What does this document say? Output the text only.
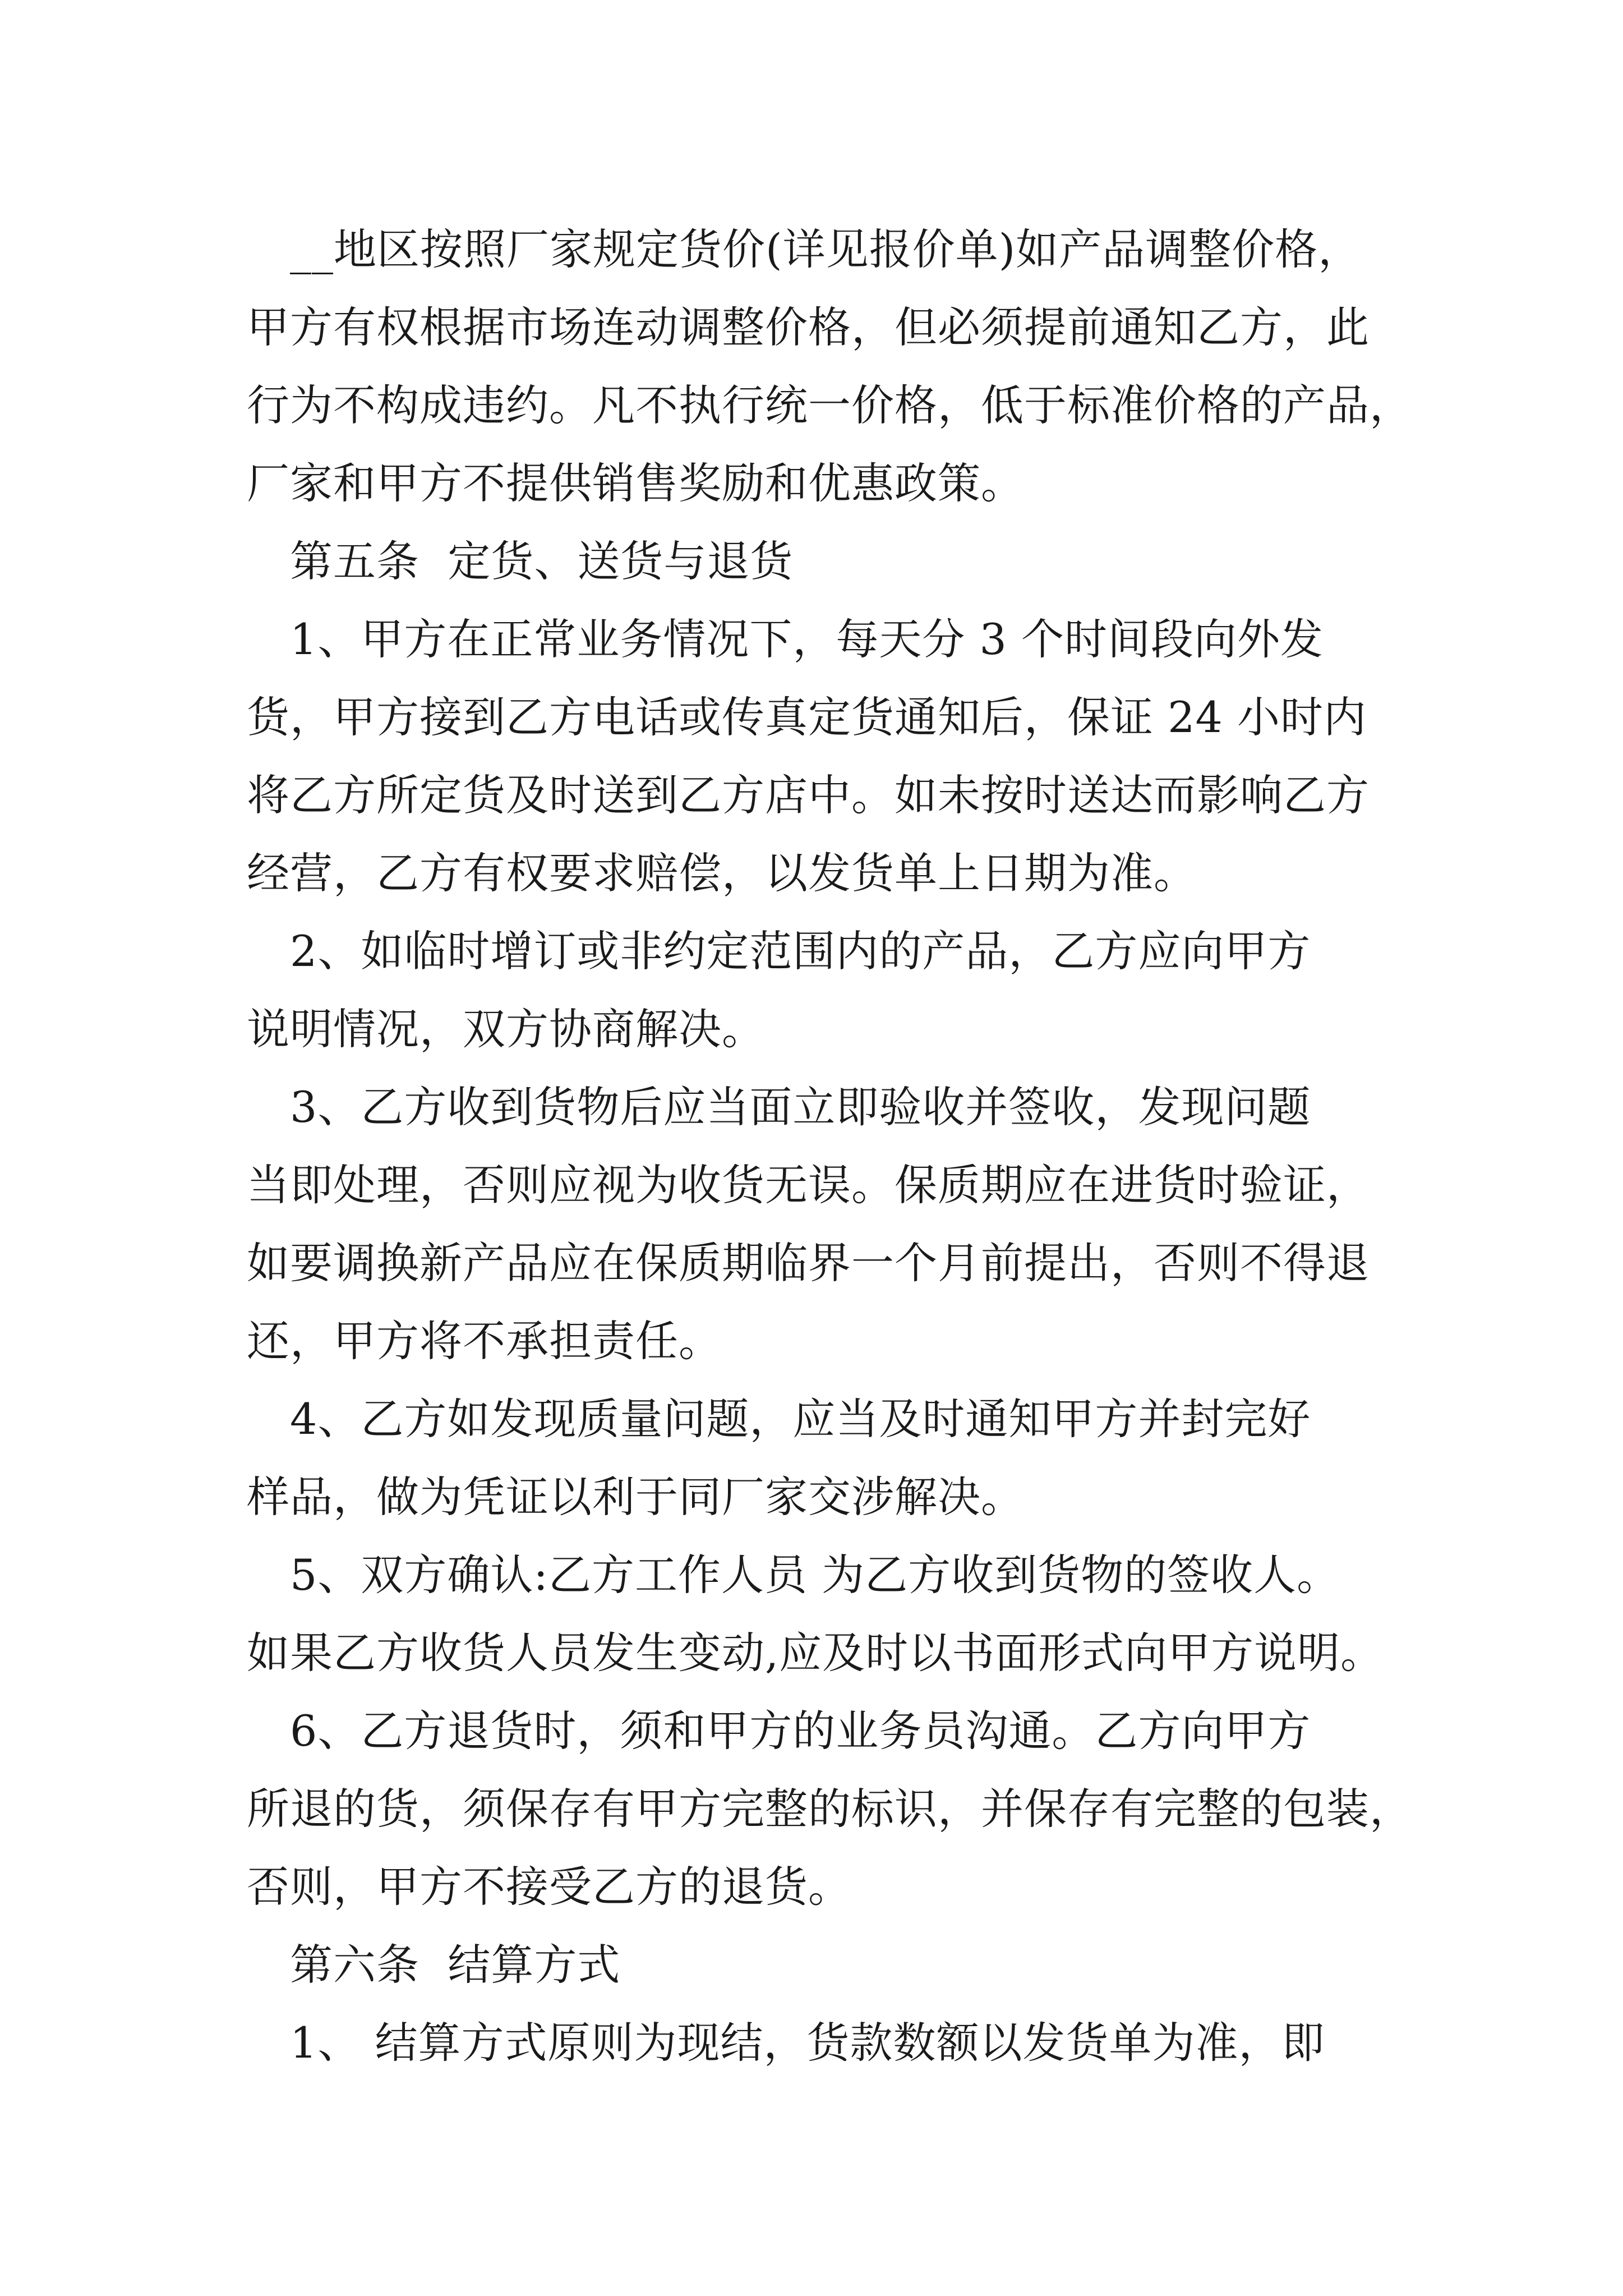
　__地区按照厂家规定货价(详见报价单)如产品调整价格，
甲方有权根据市场连动调整价格，但必须提前通知乙方，此
行为不构成违约。凡不执行统一价格，低于标准价格的产品，
厂家和甲方不提供销售奖励和优惠政策。
　第五条  定货、送货与退货
　1、甲方在正常业务情况下，每天分 3 个时间段向外发
货，甲方接到乙方电话或传真定货通知后，保证 24 小时内
将乙方所定货及时送到乙方店中。如未按时送达而影响乙方
经营，乙方有权要求赔偿，以发货单上日期为准。
　2、如临时增订或非约定范围内的产品，乙方应向甲方
说明情况，双方协商解决。
　3、乙方收到货物后应当面立即验收并签收，发现问题
当即处理，否则应视为收货无误。保质期应在进货时验证，
如要调换新产品应在保质期临界一个月前提出，否则不得退
还，甲方将不承担责任。
　4、乙方如发现质量问题，应当及时通知甲方并封完好
样品，做为凭证以利于同厂家交涉解决。
　5、双方确认:乙方工作人员 为乙方收到货物的签收人。
如果乙方收货人员发生变动,应及时以书面形式向甲方说明。
　6、乙方退货时，须和甲方的业务员沟通。乙方向甲方
所退的货，须保存有甲方完整的标识，并保存有完整的包装，
否则，甲方不接受乙方的退货。
　第六条  结算方式
　1、 结算方式原则为现结，货款数额以发货单为准，即
